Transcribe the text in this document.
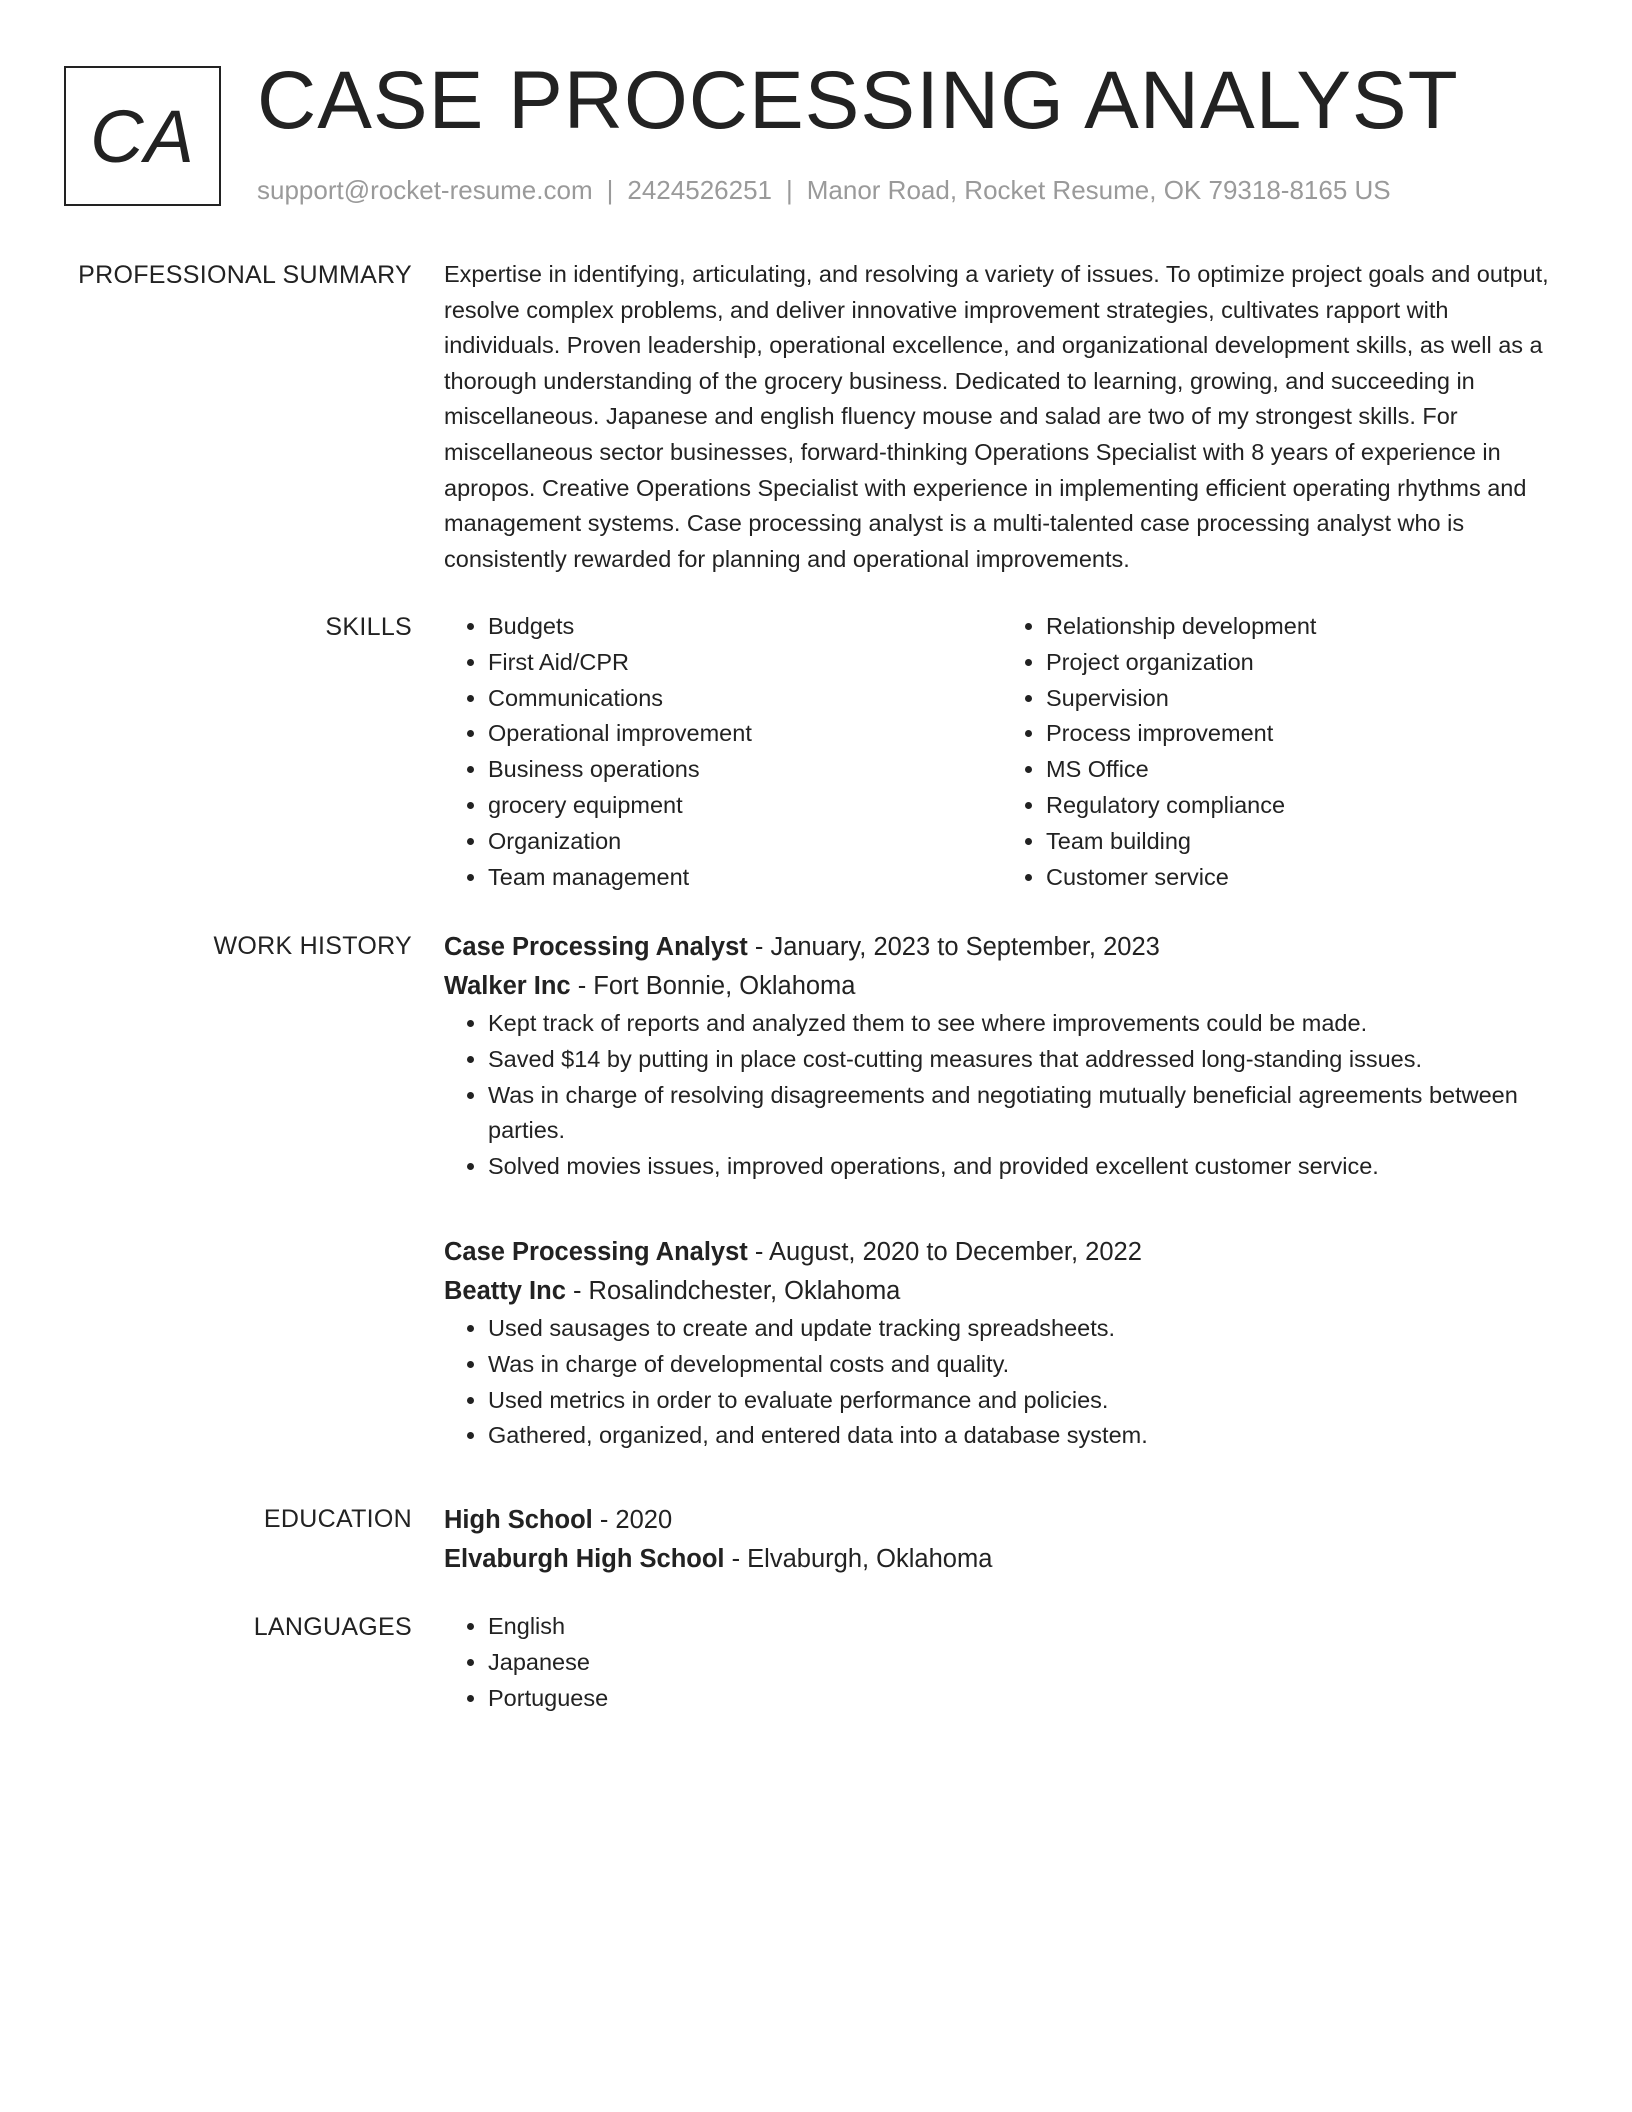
CA CASE PROCESSING ANALYST
support@rocket-resume.com | 2424526251 | Manor Road, Rocket Resume, OK 79318-8165 US
PROFESSIONAL SUMMARY Expertise in identifying, articulating, and resolving a variety of issues. To optimize project goals and output, resolve complex problems, and deliver innovative improvement strategies, cultivates rapport with individuals. Proven leadership, operational excellence, and organizational development skills, as well as a thorough understanding of the grocery business. Dedicated to learning, growing, and succeeding in miscellaneous. Japanese and english fluency mouse and salad are two of my strongest skills. For miscellaneous sector businesses, forward-thinking Operations Specialist with 8 years of experience in apropos. Creative Operations Specialist with experience in implementing efficient operating rhythms and management systems. Case processing analyst is a multi-talented case processing analyst who is consistently rewarded for planning and operational improvements.

SKILLS	• Budgets
• First Aid/CPR
• Communications
• Operational improvement
• Business operations
• grocery equipment
• Organization
• Team management
• Relationship development
• Project organization
• Supervision
• Process improvement
• MS Office
• Regulatory compliance
• Team building
• Customer service
WORK HISTORY Case Processing Analyst - January, 2023 to September, 2023
Walker Inc - Fort Bonnie, Oklahoma
• Kept track of reports and analyzed them to see where improvements could be made.
• Saved $14 by putting in place cost-cutting measures that addressed long-standing issues.
• Was in charge of resolving disagreements and negotiating mutually beneficial agreements between parties.
• Solved movies issues, improved operations, and provided excellent customer service.
Case Processing Analyst - August, 2020 to December, 2022
Beatty Inc - Rosalindchester, Oklahoma
• Used sausages to create and update tracking spreadsheets.
• Was in charge of developmental costs and quality.
• Used metrics in order to evaluate performance and policies.
• Gathered, organized, and entered data into a database system.
EDUCATION High School - 2020
Elvaburgh High School - Elvaburgh, Oklahoma
LANGUAGES	• English
• Japanese
• Portuguese
